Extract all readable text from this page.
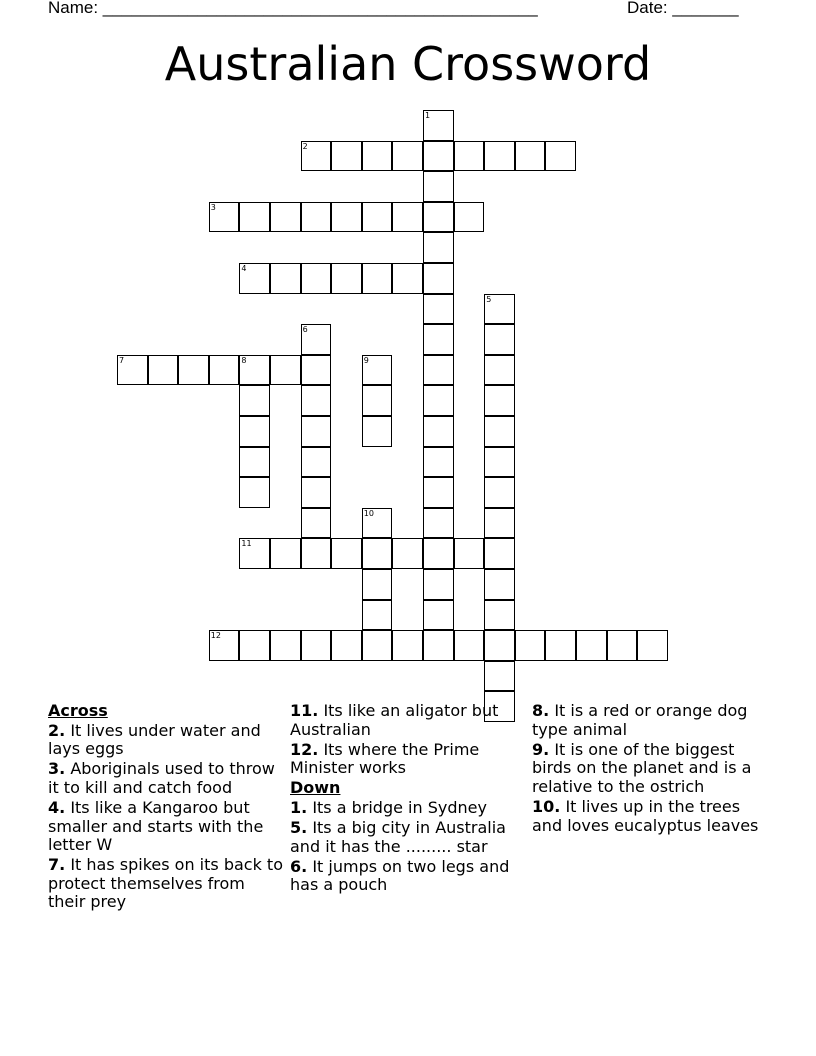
Name: ______________________________________________	Date: _______
Australian Crossword
1
2
3
4
5
6
7	8	9
10
11
12
Across
2. It lives under water and lays eggs
3. Aboriginals used to throw it to kill and catch food
4. Its like a Kangaroo but smaller and starts with the letter W
7. It has spikes on its back to protect themselves from their prey
11. Its like an aligator but Australian
12. Its where the Prime Minister works
Down
1. Its a bridge in Sydney
5. Its a big city in Australia and it has the ......... star
6. It jumps on two legs and has a pouch
8. It is a red or orange dog type animal
9. It is one of the biggest birds on the planet and is a relative to the ostrich
10. It lives up in the trees and loves eucalyptus leaves
